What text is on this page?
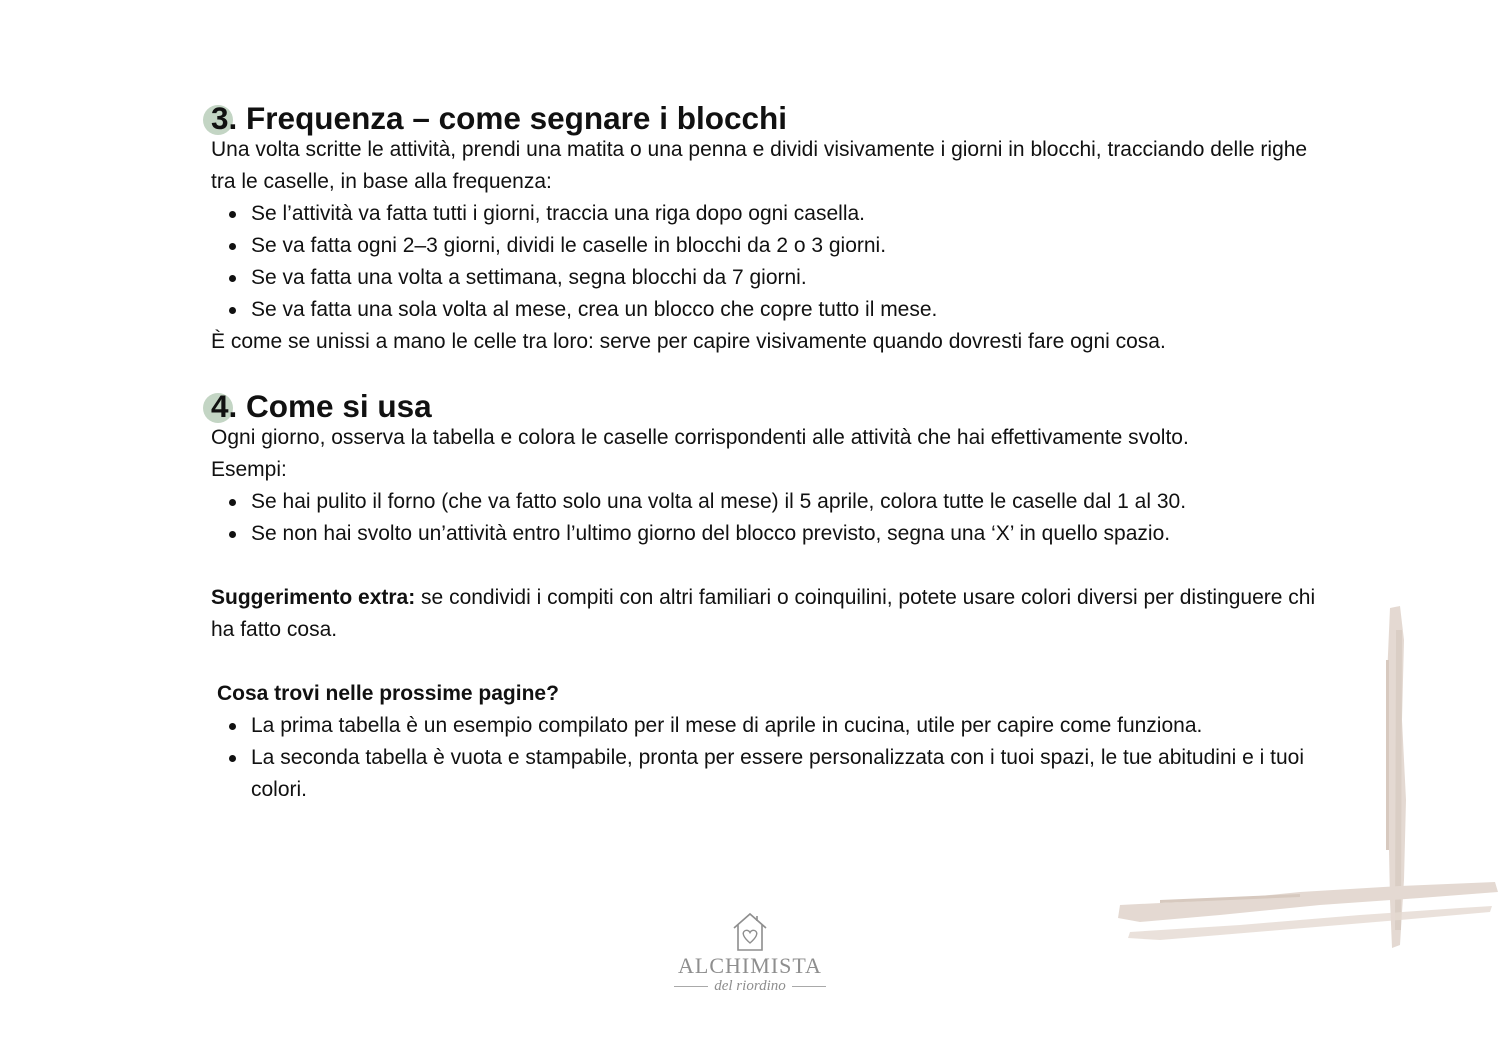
3. Frequenza – come segnare i blocchi

Una volta scritte le attività, prendi una matita o una penna e dividi visivamente i giorni in blocchi, tracciando delle righe tra le caselle, in base alla frequenza:

Se l’attività va fatta tutti i giorni, traccia una riga dopo ogni casella.
Se va fatta ogni 2–3 giorni, dividi le caselle in blocchi da 2 o 3 giorni.
Se va fatta una volta a settimana, segna blocchi da 7 giorni.
Se va fatta una sola volta al mese, crea un blocco che copre tutto il mese.

È come se unissi a mano le celle tra loro: serve per capire visivamente quando dovresti fare ogni cosa.

4. Come si usa

Ogni giorno, osserva la tabella e colora le caselle corrispondenti alle attività che hai effettivamente svolto.

Esempi:

Se hai pulito il forno (che va fatto solo una volta al mese) il 5 aprile, colora tutte le caselle dal 1 al 30.
Se non hai svolto un’attività entro l’ultimo giorno del blocco previsto, segna una ‘X’ in quello spazio.

Suggerimento extra: se condividi i compiti con altri familiari o coinquilini, potete usare colori diversi per distinguere chi ha fatto cosa.

Cosa trovi nelle prossime pagine?

La prima tabella è un esempio compilato per il mese di aprile in cucina, utile per capire come funziona.
La seconda tabella è vuota e stampabile, pronta per essere personalizzata con i tuoi spazi, le tue abitudini e i tuoi colori.
ALCHIMISTA
del riordino
